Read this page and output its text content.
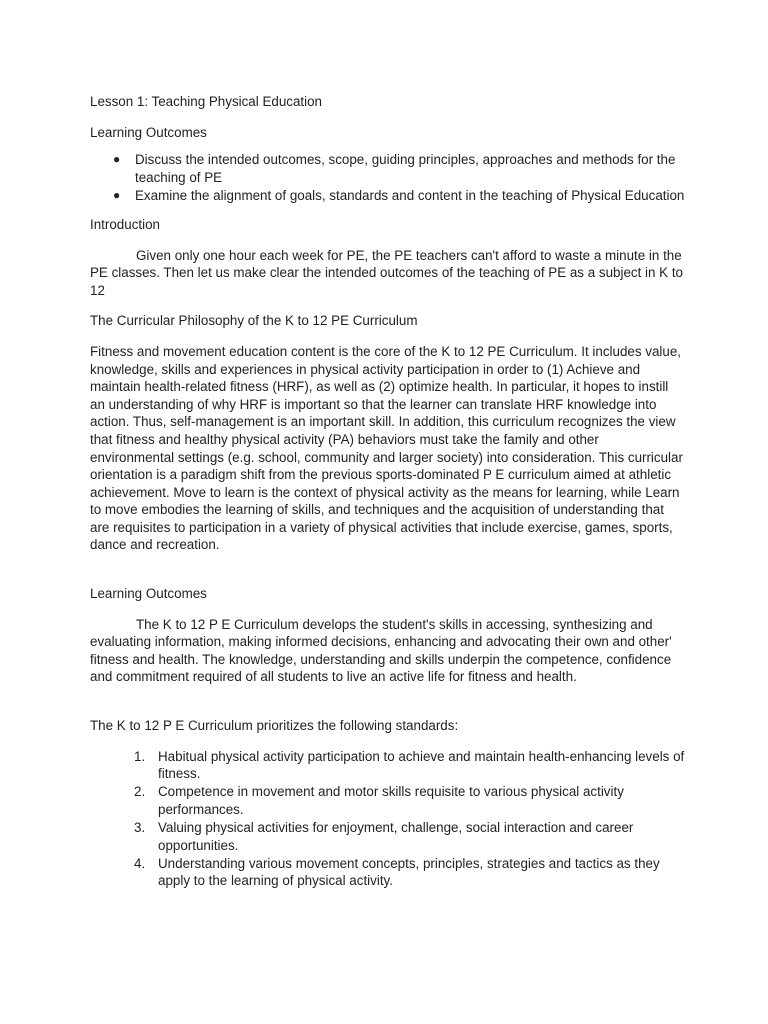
Lesson 1: Teaching Physical Education

Learning Outcomes

● Discuss the intended outcomes, scope, guiding principles, approaches and methods for the teaching of PE
● Examine the alignment of goals, standards and content in the teaching of Physical Education

Introduction

Given only one hour each week for PE, the PE teachers can't afford to waste a minute in the PE classes. Then let us make clear the intended outcomes of the teaching of PE as a subject in K to 12

The Curricular Philosophy of the K to 12 PE Curriculum

Fitness and movement education content is the core of the K to 12 PE Curriculum. It includes value, knowledge, skills and experiences in physical activity participation in order to (1) Achieve and maintain health-related fitness (HRF), as well as (2) optimize health. In particular, it hopes to instill an understanding of why HRF is important so that the learner can translate HRF knowledge into action. Thus, self-management is an important skill. In addition, this curriculum recognizes the view that fitness and healthy physical activity (PA) behaviors must take the family and other environmental settings (e.g. school, community and larger society) into consideration. This curricular orientation is a paradigm shift from the previous sports-dominated P E curriculum aimed at athletic achievement. Move to learn is the context of physical activity as the means for learning, while Learn to move embodies the learning of skills, and techniques and the acquisition of understanding that are requisites to participation in a variety of physical activities that include exercise, games, sports, dance and recreation.

Learning Outcomes

The K to 12 P E Curriculum develops the student's skills in accessing, synthesizing and evaluating information, making informed decisions, enhancing and advocating their own and other' fitness and health. The knowledge, understanding and skills underpin the competence, confidence and commitment required of all students to live an active life for fitness and health.

The K to 12 P E Curriculum prioritizes the following standards:

1. Habitual physical activity participation to achieve and maintain health-enhancing levels of fitness.
2. Competence in movement and motor skills requisite to various physical activity performances.
3. Valuing physical activities for enjoyment, challenge, social interaction and career opportunities.
4. Understanding various movement concepts, principles, strategies and tactics as they apply to the learning of physical activity.
